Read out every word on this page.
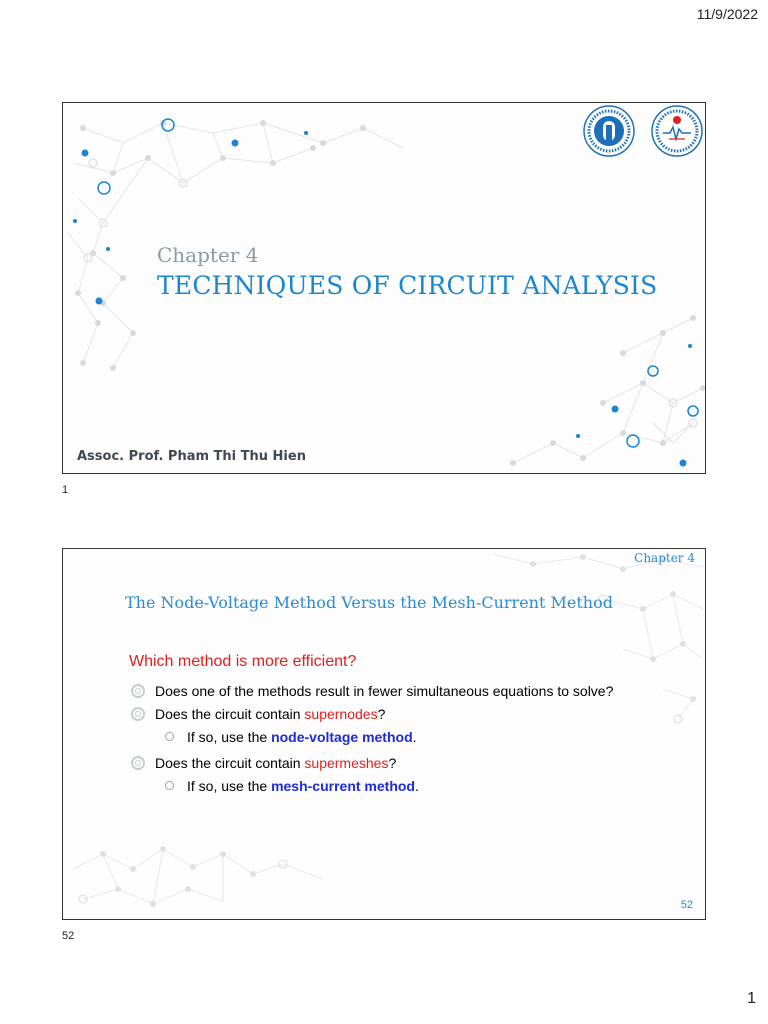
11/9/2022
Chapter 4
TECHNIQUES OF CIRCUIT ANALYSIS
Assoc. Prof. Pham Thi Thu Hien
1
Chapter 4
The Node-Voltage Method Versus the Mesh-Current Method
Which method is more efficient?
Does one of the methods result in fewer simultaneous equations to solve?
Does the circuit contain supernodes?
If so, use the node-voltage method.
Does the circuit contain supermeshes?
If so, use the mesh-current method.
52
52
1
